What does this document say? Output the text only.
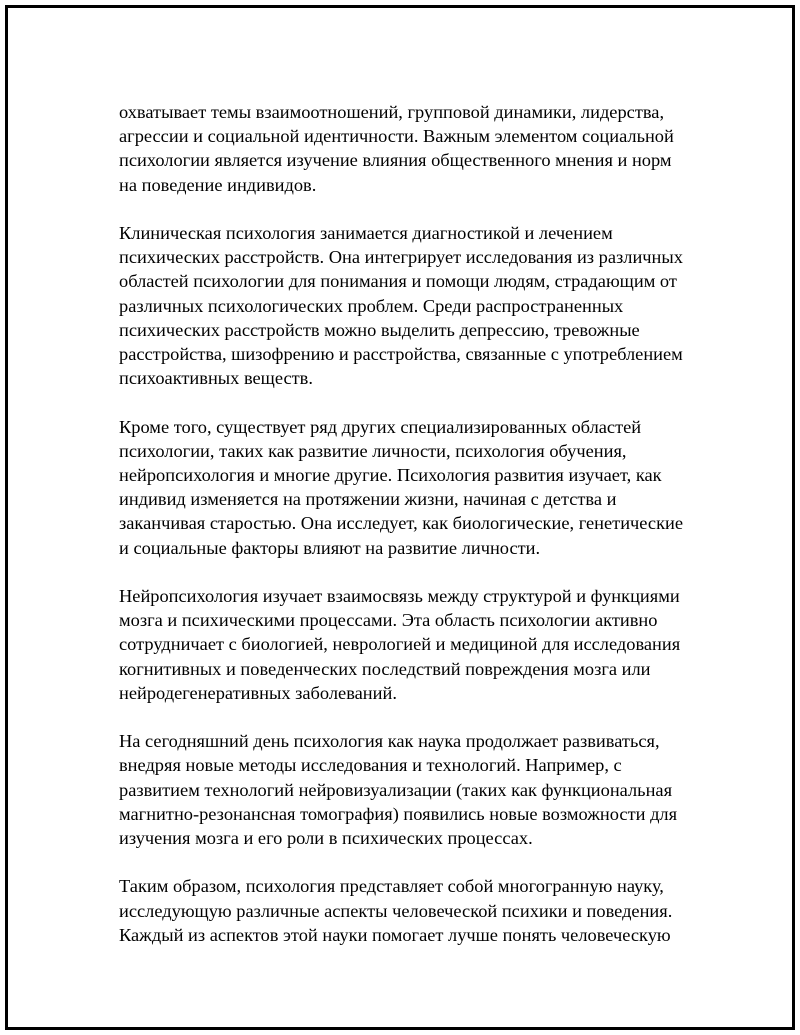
охватывает темы взаимоотношений, групповой динамики, лидерства,
агрессии и социальной идентичности. Важным элементом социальной
психологии является изучение влияния общественного мнения и норм
на поведение индивидов.

Клиническая психология занимается диагностикой и лечением
психических расстройств. Она интегрирует исследования из различных
областей психологии для понимания и помощи людям, страдающим от
различных психологических проблем. Среди распространенных
психических расстройств можно выделить депрессию, тревожные
расстройства, шизофрению и расстройства, связанные с употреблением
психоактивных веществ.

Кроме того, существует ряд других специализированных областей
психологии, таких как развитие личности, психология обучения,
нейропсихология и многие другие. Психология развития изучает, как
индивид изменяется на протяжении жизни, начиная с детства и
заканчивая старостью. Она исследует, как биологические, генетические
и социальные факторы влияют на развитие личности.

Нейропсихология изучает взаимосвязь между структурой и функциями
мозга и психическими процессами. Эта область психологии активно
сотрудничает с биологией, неврологией и медициной для исследования
когнитивных и поведенческих последствий повреждения мозга или
нейродегенеративных заболеваний.

На сегодняшний день психология как наука продолжает развиваться,
внедряя новые методы исследования и технологий. Например, с
развитием технологий нейровизуализации (таких как функциональная
магнитно-резонансная томография) появились новые возможности для
изучения мозга и его роли в психических процессах.

Таким образом, психология представляет собой многогранную науку,
исследующую различные аспекты человеческой психики и поведения.
Каждый из аспектов этой науки помогает лучше понять человеческую
